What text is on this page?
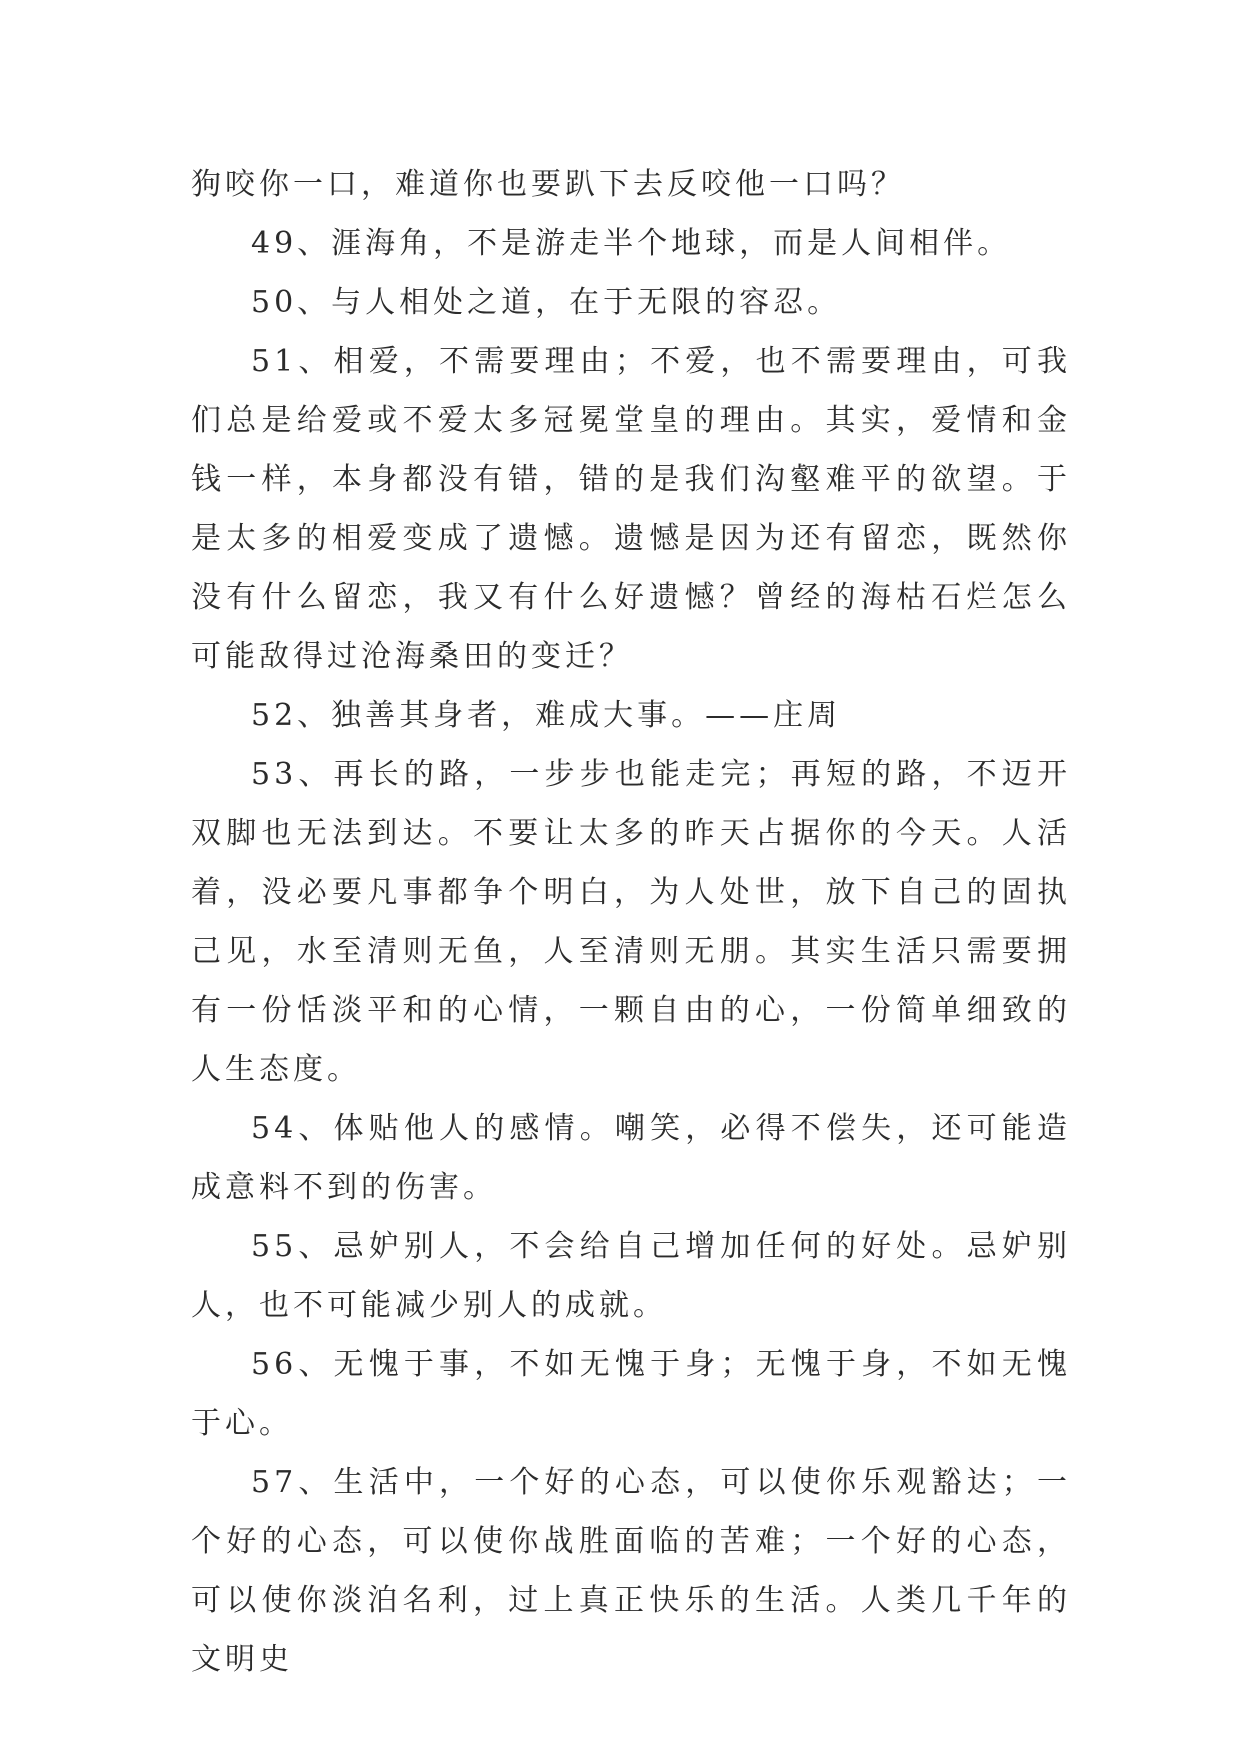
狗咬你一口，难道你也要趴下去反咬他一口吗？

49、涯海角，不是游走半个地球，而是人间相伴。

50、与人相处之道，在于无限的容忍。

51、相爱，不需要理由；不爱，也不需要理由，可我们总是给爱或不爱太多冠冕堂皇的理由。其实，爱情和金钱一样，本身都没有错，错的是我们沟壑难平的欲望。于是太多的相爱变成了遗憾。遗憾是因为还有留恋，既然你没有什么留恋，我又有什么好遗憾？曾经的海枯石烂怎么可能敌得过沧海桑田的变迁？

52、独善其身者，难成大事。——庄周

53、再长的路，一步步也能走完；再短的路，不迈开双脚也无法到达。不要让太多的昨天占据你的今天。人活着，没必要凡事都争个明白，为人处世，放下自己的固执己见，水至清则无鱼，人至清则无朋。其实生活只需要拥有一份恬淡平和的心情，一颗自由的心，一份简单细致的人生态度。

54、体贴他人的感情。嘲笑，必得不偿失，还可能造成意料不到的伤害。

55、忌妒别人，不会给自己增加任何的好处。忌妒别人，也不可能减少别人的成就。

56、无愧于事，不如无愧于身；无愧于身，不如无愧于心。

57、生活中，一个好的心态，可以使你乐观豁达；一个好的心态，可以使你战胜面临的苦难；一个好的心态，可以使你淡泊名利，过上真正快乐的生活。人类几千年的文明史
